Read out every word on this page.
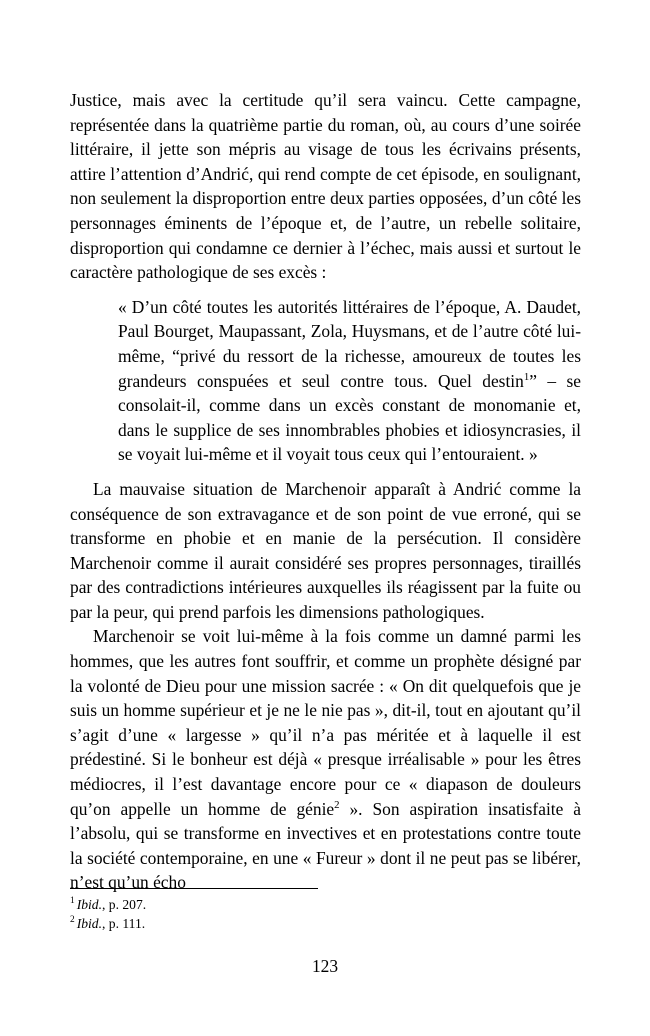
Justice, mais avec la certitude qu’il sera vaincu. Cette campagne, représentée dans la quatrième partie du roman, où, au cours d’une soirée littéraire, il jette son mépris au visage de tous les écrivains présents, attire l’attention d’Andrić, qui rend compte de cet épisode, en soulignant, non seulement la disproportion entre deux parties opposées, d’un côté les personnages éminents de l’époque et, de l’autre, un rebelle solitaire, disproportion qui condamne ce dernier à l’échec, mais aussi et surtout le caractère pathologique de ses excès :

« D’un côté toutes les autorités littéraires de l’époque, A. Daudet, Paul Bourget, Maupassant, Zola, Huysmans, et de l’autre côté lui-même, “privé du ressort de la richesse, amoureux de toutes les grandeurs conspuées et seul contre tous. Quel destin$^1$” – se consolait-il, comme dans un excès constant de monomanie et, dans le supplice de ses innombrables phobies et idiosyncrasies, il se voyait lui-même et il voyait tous ceux qui l’entouraient. »

La mauvaise situation de Marchenoir apparaît à Andrić comme la conséquence de son extravagance et de son point de vue erroné, qui se transforme en phobie et en manie de la persécution. Il considère Marchenoir comme il aurait considéré ses propres personnages, tiraillés par des contradictions intérieures auxquelles ils réagissent par la fuite ou par la peur, qui prend parfois les dimensions pathologiques.

Marchenoir se voit lui-même à la fois comme un damné parmi les hommes, que les autres font souffrir, et comme un prophète désigné par la volonté de Dieu pour une mission sacrée : « On dit quelquefois que je suis un homme supérieur et je ne le nie pas », dit-il, tout en ajoutant qu’il s’agit d’une « largesse » qu’il n’a pas méritée et à laquelle il est prédestiné. Si le bonheur est déjà « presque irréalisable » pour les êtres médiocres, il l’est davantage encore pour ce « diapason de douleurs qu’on appelle un homme de génie$^2$ ». Son aspiration insatisfaite à l’absolu, qui se transforme en invectives et en protestations contre toute la société contemporaine, en une « Fureur » dont il ne peut pas se libérer, n’est qu’un écho

$^1$ Ibid., p. 207.

$^2$ Ibid., p. 111.

123
